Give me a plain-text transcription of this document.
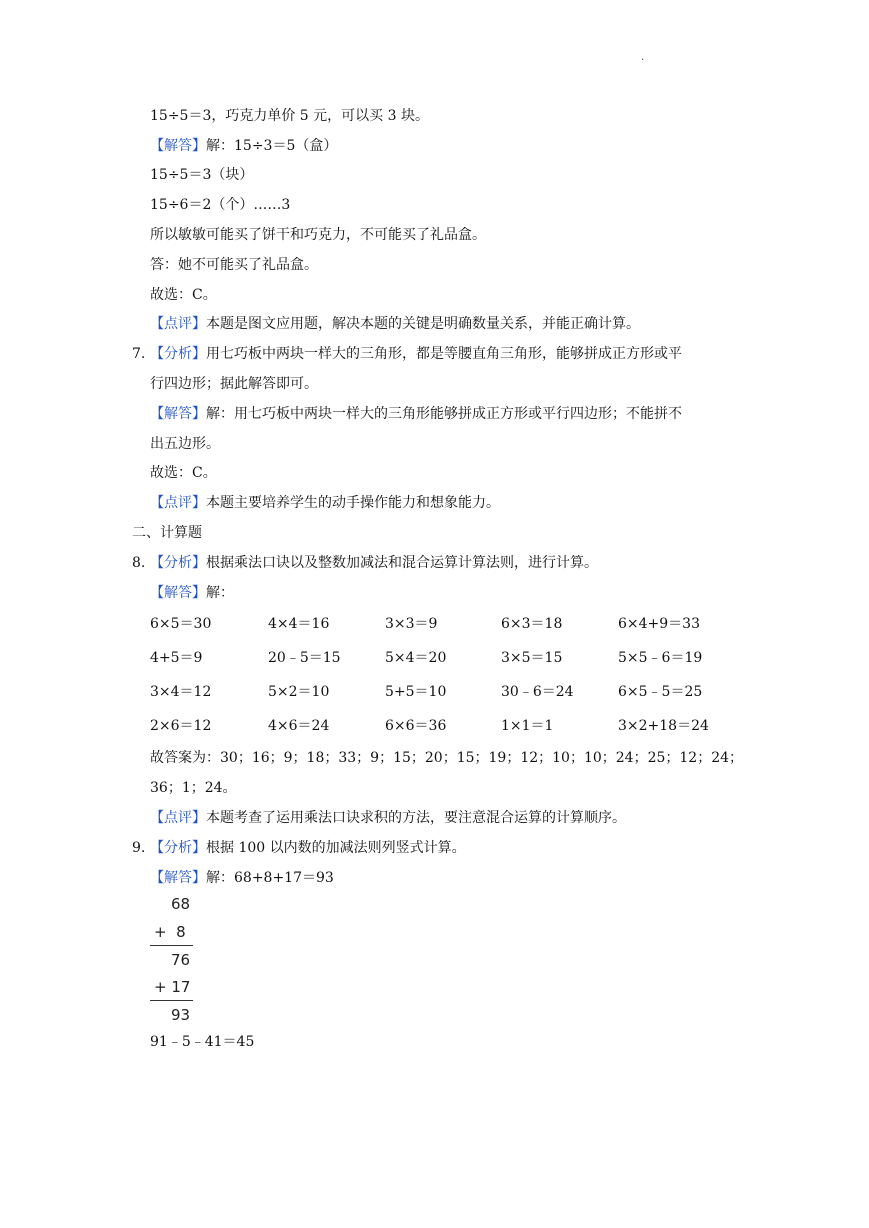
.
15÷5＝3，巧克力单价 5 元，可以买 3 块。
【解答】解：15÷3＝5（盒）
15÷5＝3（块）
15÷6＝2（个）……3
所以敏敏可能买了饼干和巧克力，不可能买了礼品盒。
答：她不可能买了礼品盒。
故选：C。
【点评】本题是图文应用题，解决本题的关键是明确数量关系，并能正确计算。
7. 【分析】用七巧板中两块一样大的三角形，都是等腰直角三角形，能够拼成正方形或平
行四边形；据此解答即可。
【解答】解：用七巧板中两块一样大的三角形能够拼成正方形或平行四边形；不能拼不
出五边形。
故选：C。
【点评】本题主要培养学生的动手操作能力和想象能力。
二、计算题
8. 【分析】根据乘法口诀以及整数加减法和混合运算计算法则，进行计算。
【解答】解：
6×5＝30	4×4＝16	3×3＝9	6×3＝18	6×4+9＝33
4+5＝9	20﹣5＝15	5×4＝20	3×5＝15	5×5﹣6＝19
3×4＝12	5×2＝10	5+5＝10	30﹣6＝24	6×5﹣5＝25
2×6＝12	4×6＝24	6×6＝36	1×1＝1	3×2+18＝24
故答案为：30；16；9；18；33；9；15；20；15；19；12；10；10；24；25；12；24；
36；1；24。
【点评】本题考查了运用乘法口诀求积的方法，要注意混合运算的计算顺序。
9. 【分析】根据 100 以内数的加减法则列竖式计算。
【解答】解：68+8+17＝93
68
+  8
76
+ 17
93
91﹣5﹣41＝45
